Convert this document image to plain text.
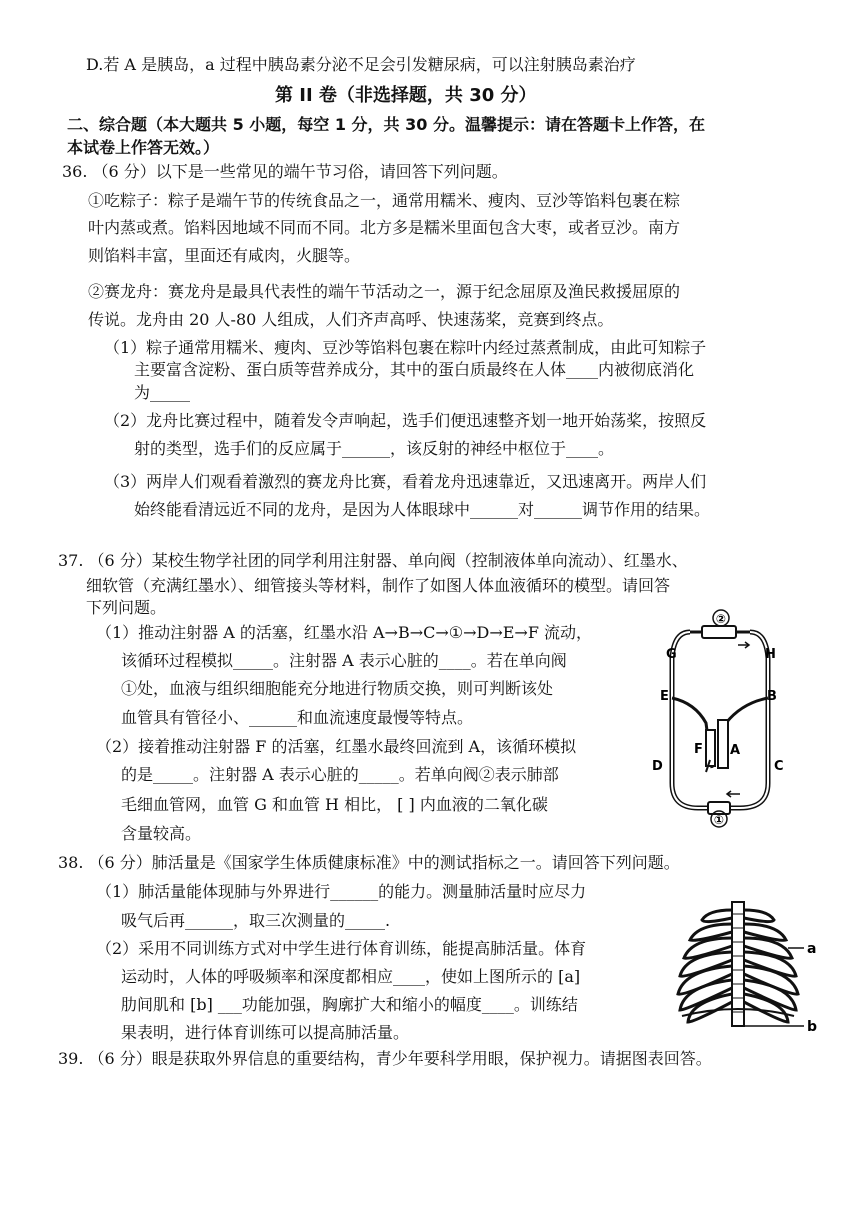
D.若 A 是胰岛，a 过程中胰岛素分泌不足会引发糖尿病，可以注射胰岛素治疗
第 II 卷（非选择题，共 30 分）
二、综合题（本大题共 5 小题，每空 1 分，共 30 分。温馨提示：请在答题卡上作答，在
本试卷上作答无效。）
36. （6 分）以下是一些常见的端午节习俗，请回答下列问题。
①吃粽子：粽子是端午节的传统食品之一，通常用糯米、瘦肉、豆沙等馅料包裹在粽
叶内蒸或煮。馅料因地域不同而不同。北方多是糯米里面包含大枣，或者豆沙。南方
则馅料丰富，里面还有咸肉，火腿等。
②赛龙舟：赛龙舟是最具代表性的端午节活动之一，源于纪念屈原及渔民救援屈原的
传说。龙舟由 20 人-80 人组成，人们齐声高呼、快速荡桨，竞赛到终点。
（1）粽子通常用糯米、瘦肉、豆沙等馅料包裹在粽叶内经过蒸煮制成，由此可知粽子
主要富含淀粉、蛋白质等营养成分，其中的蛋白质最终在人体____内被彻底消化
为_____
（2）龙舟比赛过程中，随着发令声响起，选手们便迅速整齐划一地开始荡桨，按照反
射的类型，选手们的反应属于______，该反射的神经中枢位于____。
（3）两岸人们观看着激烈的赛龙舟比赛，看着龙舟迅速靠近，又迅速离开。两岸人们
始终能看清远近不同的龙舟，是因为人体眼球中______对______调节作用的结果。
37. （6 分）某校生物学社团的同学利用注射器、单向阀（控制液体单向流动）、红墨水、
细软管（充满红墨水）、细管接头等材料，制作了如图人体血液循环的模型。请回答
下列问题。
（1）推动注射器 A 的活塞，红墨水沿 A→B→C→①→D→E→F 流动，
该循环过程模拟_____。注射器 A 表示心脏的____。若在单向阀
①处，血液与组织细胞能充分地进行物质交换，则可判断该处
血管具有管径小、______和血流速度最慢等特点。
（2）接着推动注射器 F 的活塞，红墨水最终回流到 A，该循环模拟
的是_____。注射器 A 表示心脏的_____。若单向阀②表示肺部
毛细血管网，血管 G 和血管 H 相比， [ ] 内血液的二氧化碳
含量较高。
38. （6 分）肺活量是《国家学生体质健康标准》中的测试指标之一。请回答下列问题。
（1）肺活量能体现肺与外界进行______的能力。测量肺活量时应尽力
吸气后再______，取三次测量的_____.
（2）采用不同训练方式对中学生进行体育训练，能提高肺活量。体育
运动时，人体的呼吸频率和深度都相应____，使如上图所示的 [a]
肋间肌和 [b] ___功能加强，胸廓扩大和缩小的幅度____。训练结
果表明，进行体育训练可以提高肺活量。
39. （6 分）眼是获取外界信息的重要结构，青少年要科学用眼，保护视力。请据图表回答。
②
①
G	H
E	B
F A
D	C
a
b
